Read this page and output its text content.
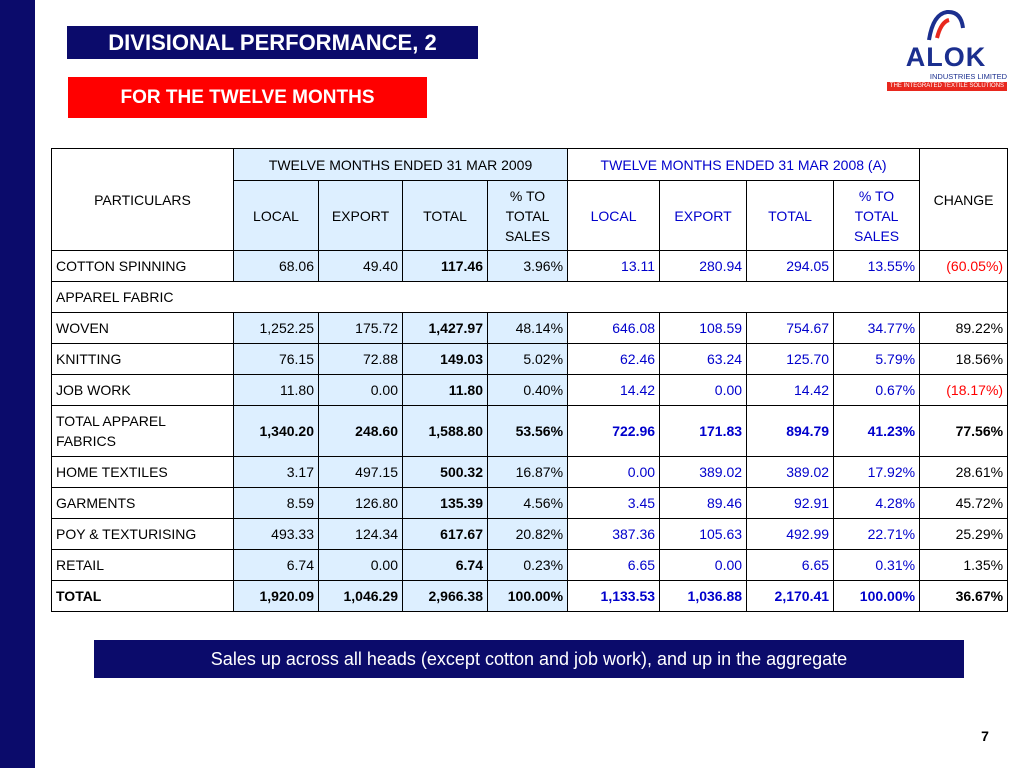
DIVISIONAL PERFORMANCE, 2
FOR THE TWELVE MONTHS
ALOK
INDUSTRIES LIMITED
THE INTEGRATED TEXTILE SOLUTIONS
PARTICULARS	TWELVE MONTHS ENDED 31 MAR 2009				TWELVE MONTHS ENDED 31 MAR 2008 (A)				CHANGE
	LOCAL	EXPORT	TOTAL	% TO TOTAL SALES	LOCAL	EXPORT	TOTAL	% TO TOTAL SALES	
COTTON SPINNING	68.06	49.40	117.46	3.96%	13.11	280.94	294.05	13.55%	(60.05%)
APPAREL FABRIC									
WOVEN	1,252.25	175.72	1,427.97	48.14%	646.08	108.59	754.67	34.77%	89.22%
KNITTING	76.15	72.88	149.03	5.02%	62.46	63.24	125.70	5.79%	18.56%
JOB WORK	11.80	0.00	11.80	0.40%	14.42	0.00	14.42	0.67%	(18.17%)
TOTAL APPAREL FABRICS	1,340.20	248.60	1,588.80	53.56%	722.96	171.83	894.79	41.23%	77.56%
HOME TEXTILES	3.17	497.15	500.32	16.87%	0.00	389.02	389.02	17.92%	28.61%
GARMENTS	8.59	126.80	135.39	4.56%	3.45	89.46	92.91	4.28%	45.72%
POY & TEXTURISING	493.33	124.34	617.67	20.82%	387.36	105.63	492.99	22.71%	25.29%
RETAIL	6.74	0.00	6.74	0.23%	6.65	0.00	6.65	0.31%	1.35%
TOTAL	1,920.09	1,046.29	2,966.38	100.00%	1,133.53	1,036.88	2,170.41	100.00%	36.67%
Sales up across all heads (except cotton and job work), and up in the aggregate
7
